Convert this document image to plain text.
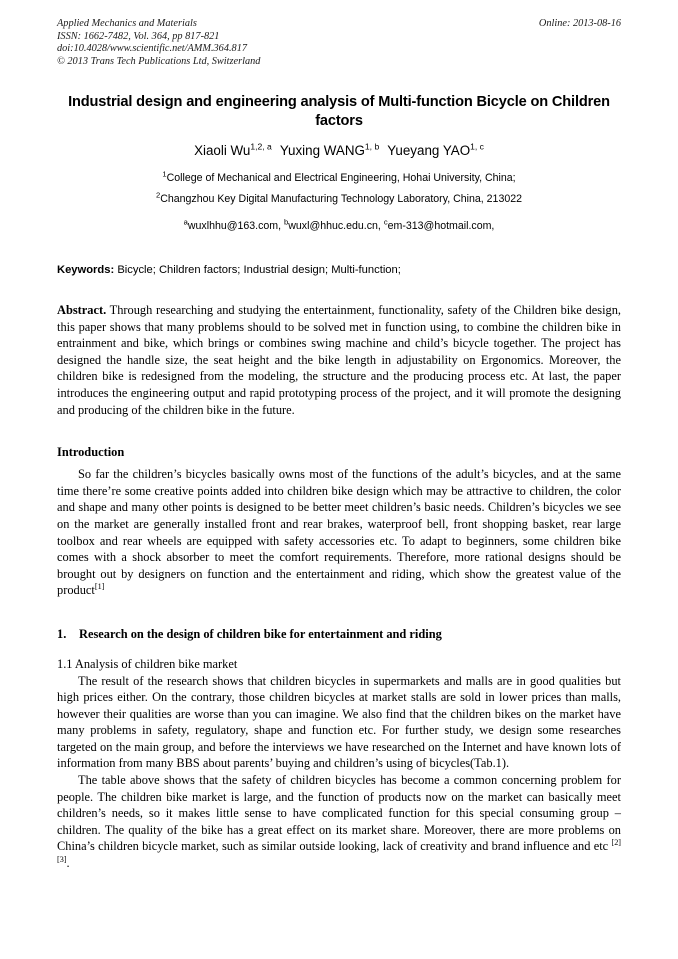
Applied Mechanics and Materials
ISSN: 1662-7482, Vol. 364, pp 817-821
doi:10.4028/www.scientific.net/AMM.364.817
© 2013 Trans Tech Publications Ltd, Switzerland
Online: 2013-08-16
Industrial design and engineering analysis of Multi-function Bicycle on Children factors
Xiaoli Wu$^{1,2, a}$ Yuxing WANG$^{1, b}$ Yueyang YAO$^{1, c}$
$^1$College of Mechanical and Electrical Engineering, Hohai University, China;
$^2$Changzhou Key Digital Manufacturing Technology Laboratory, China, 213022
$^a$wuxlhhu@163.com, $^b$wuxl@hhuc.edu.cn, $^c$em-313@hotmail.com,
Keywords: Bicycle; Children factors; Industrial design; Multi-function;
Abstract. Through researching and studying the entertainment, functionality, safety of the Children bike design, this paper shows that many problems should to be solved met in function using, to combine the children bike in entrainment and bike, which brings or combines swing machine and child’s bicycle together. The project has designed the handle size, the seat height and the bike length in adjustability on Ergonomics. Moreover, the children bike is redesigned from the modeling, the structure and the producing process etc. At last, the paper introduces the engineering output and rapid prototyping process of the project, and it will promote the designing and producing of the children bike in the future.
Introduction
So far the children’s bicycles basically owns most of the functions of the adult’s bicycles, and at the same time there’re some creative points added into children bike design which may be attractive to children, the color and shape and many other points is designed to be better meet children’s basic needs. Children’s bicycles we see on the market are generally installed front and rear brakes, waterproof bell, front shopping basket, rear large toolbox and rear wheels are equipped with safety accessories etc. To adapt to beginners, some children bike comes with a shock absorber to meet the comfort requirements. Therefore, more rational designs should be brought out by designers on function and the entertainment and riding, which show the greatest value of the product[1]
1. Research on the design of children bike for entertainment and riding
1.1 Analysis of children bike market
The result of the research shows that children bicycles in supermarkets and malls are in good qualities but high prices either. On the contrary, those children bicycles at market stalls are sold in lower prices than malls, however their qualities are worse than you can imagine. We also find that the children bikes on the market have many problems in safety, regulatory, shape and function etc. For further study, we design some researches targeted on the main group, and before the interviews we have researched on the Internet and have known lots of information from many BBS about parents’ buying and children’s using of bicycles(Tab.1).
The table above shows that the safety of children bicycles has become a common concerning problem for people. The children bike market is large, and the function of products now on the market can basically meet children’s needs, so it makes little sense to have complicated function for this special consuming group – children. The quality of the bike has a great effect on its market share. Moreover, there are more problems on China’s children bicycle market, such as similar outside looking, lack of creativity and brand influence and etc [2][3].
